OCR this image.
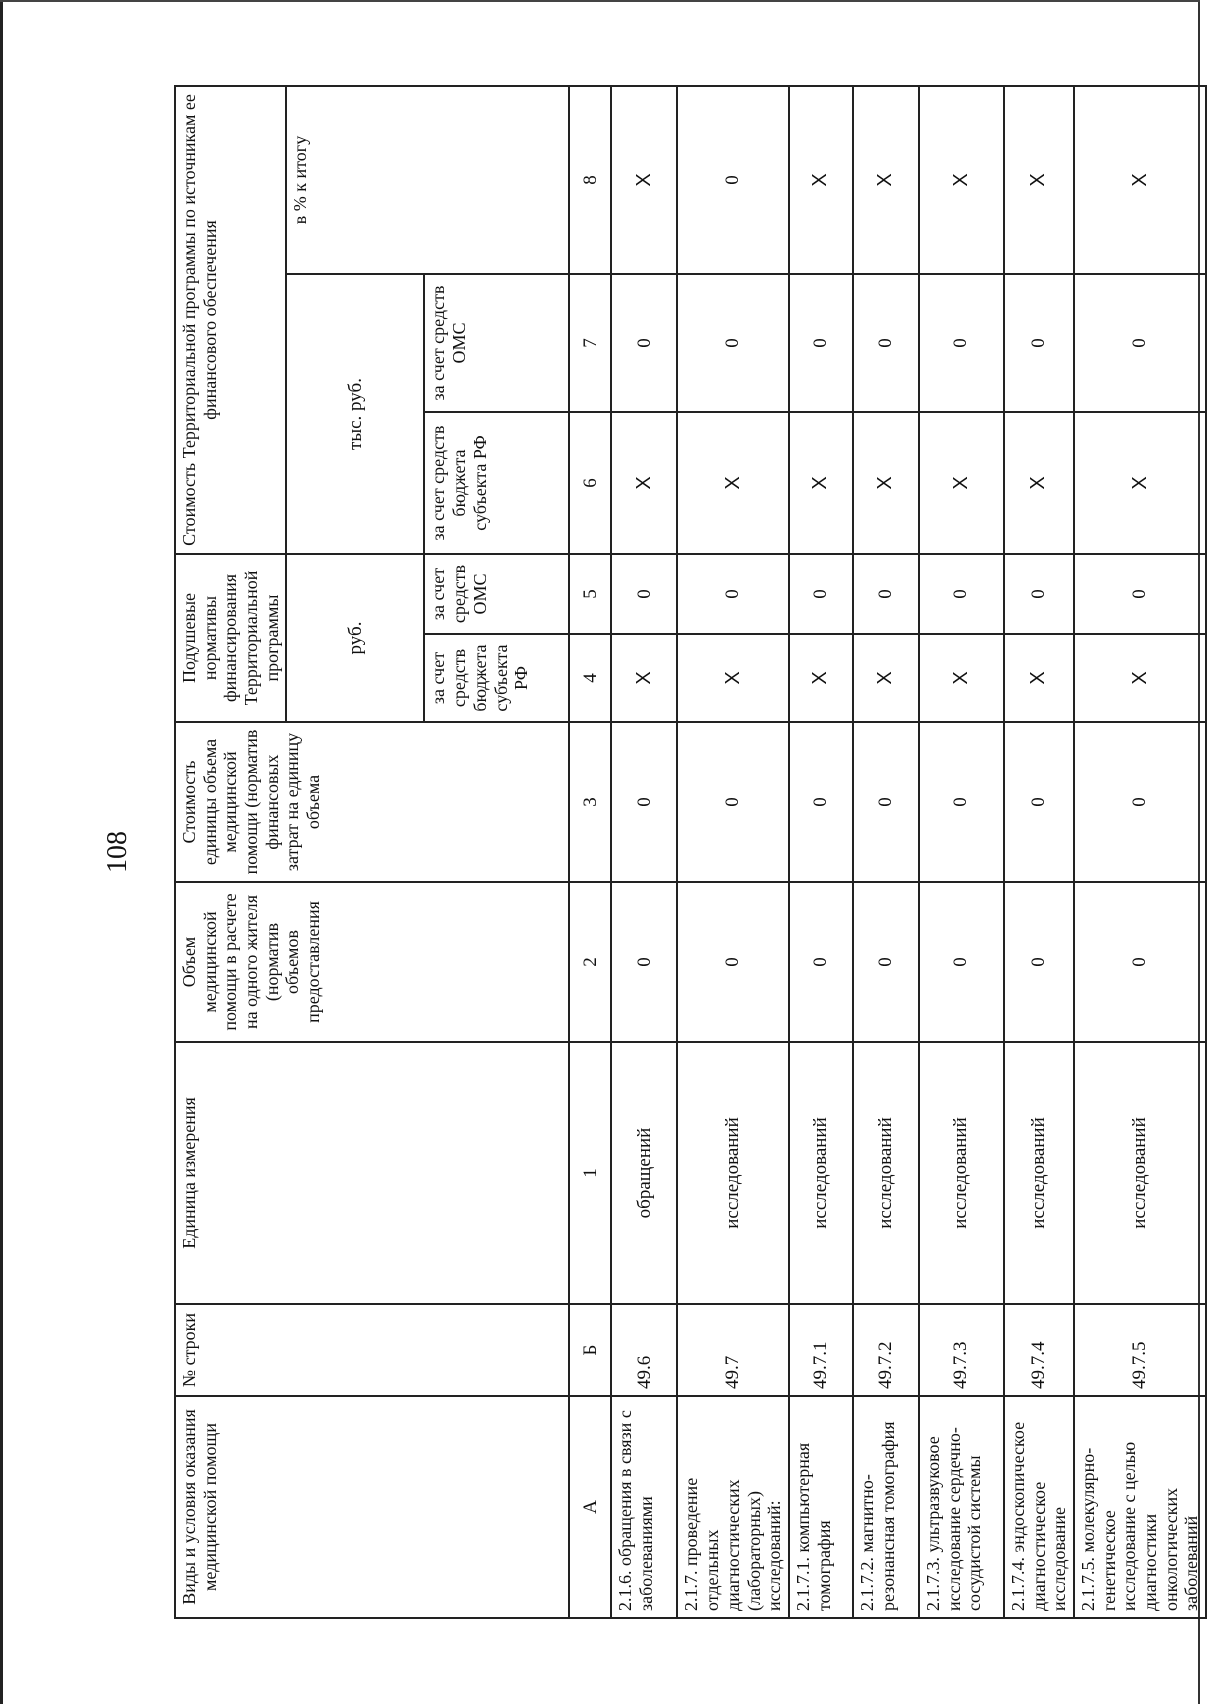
108
Виды и условия оказания медицинской помощи	№ строки	Единица измерения	Объем медицинской помощи в расчете на одного жителя (норматив объемов предоставления	Стоимость единицы объема медицинской помощи (норматив финансовых затрат на единицу объема	Подушевые нормативы финансирования Территориальной программы		Стоимость Территориальной программы по источникам ее финансового обеспечения		
					руб.		тыс. руб.		в % к итогу
					за счет средств бюджета субъекта РФ	за счет средств ОМС	за счет средств бюджета субъекта РФ	за счет средств ОМС	
А	Б	1	2	3	4	5	6	7	8
2.1.6. обращения в связи с заболеваниями	49.6	обращений	0	0	Х	0	Х	0	Х
2.1.7. проведение отдельных диагностических (лабораторных) исследований:	49.7	исследований	0	0	Х	0	Х	0	0
2.1.7.1. компьютерная томография	49.7.1	исследований	0	0	Х	0	Х	0	Х
2.1.7.2. магнитно-резонансная томография	49.7.2	исследований	0	0	Х	0	Х	0	Х
2.1.7.3. ультразвуковое исследование сердечно-сосудистой системы	49.7.3	исследований	0	0	Х	0	Х	0	Х
2.1.7.4. эндоскопическое диагностическое исследование	49.7.4	исследований	0	0	Х	0	Х	0	Х
2.1.7.5. молекулярно-генетическое исследование с целью диагностики онкологических заболеваний	49.7.5	исследований	0	0	Х	0	Х	0	Х
